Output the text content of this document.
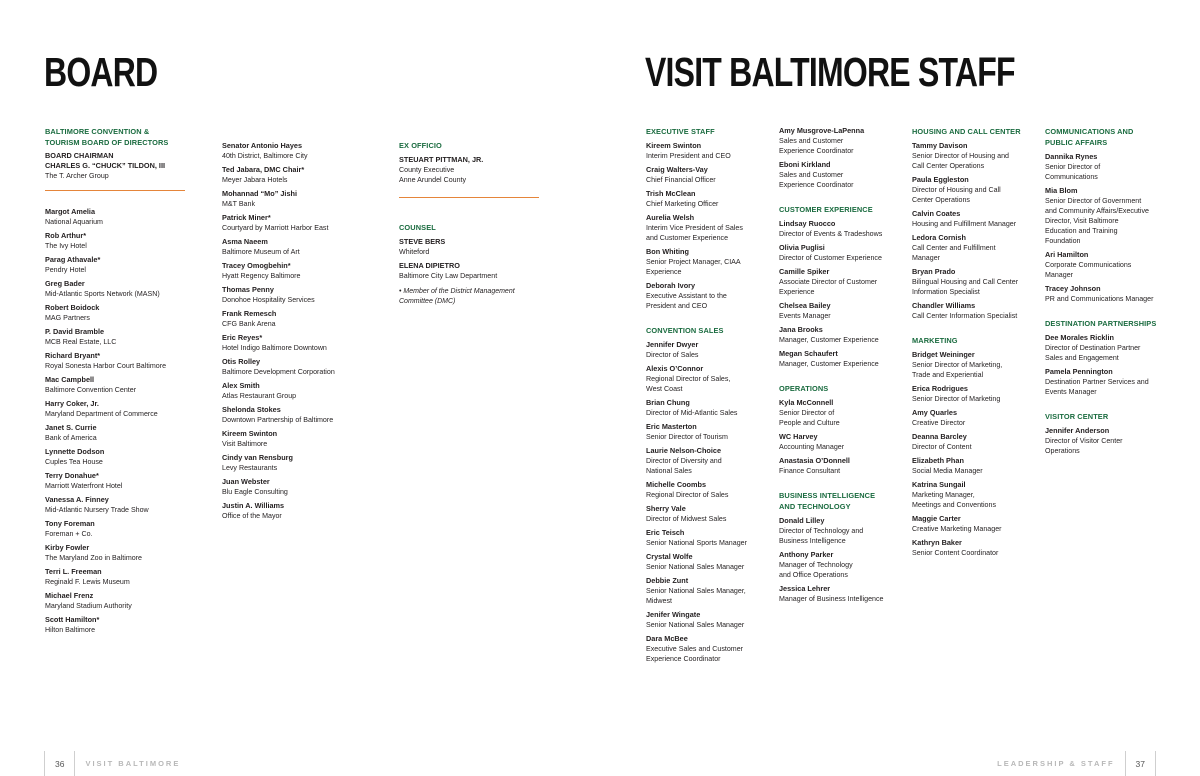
BOARD	VISIT BALTIMORE STAFF
BALTIMORE CONVENTION &
TOURISM BOARD OF DIRECTORS
BOARD CHAIRMAN
CHARLES G. “CHUCK” TILDON, III
The T. Archer Group
Margot Amelia
National Aquarium
Rob Arthur*
The Ivy Hotel
Parag Athavale*
Pendry Hotel
Greg Bader
Mid-Atlantic Sports Network (MASN)
Robert Boidock
MAG Partners
P. David Bramble
MCB Real Estate, LLC
Richard Bryant*
Royal Sonesta Harbor Court Baltimore
Mac Campbell
Baltimore Convention Center
Harry Coker, Jr.
Maryland Department of Commerce
Janet S. Currie
Bank of America
Lynnette Dodson
Cuples Tea House
Terry Donahue*
Marriott Waterfront Hotel
Vanessa A. Finney
Mid-Atlantic Nursery Trade Show
Tony Foreman
Foreman + Co.
Kirby Fowler
The Maryland Zoo in Baltimore
Terri L. Freeman
Reginald F. Lewis Museum
Michael Frenz
Maryland Stadium Authority
Scott Hamilton*
Hilton Baltimore
Senator Antonio Hayes
40th District, Baltimore City
Ted Jabara, DMC Chair*
Meyer Jabara Hotels
Mohannad “Mo” Jishi
M&T Bank
Patrick Miner*
Courtyard by Marriott Harbor East
Asma Naeem
Baltimore Museum of Art
Tracey Omogbehin*
Hyatt Regency Baltimore
Thomas Penny
Donohoe Hospitality Services
Frank Remesch
CFG Bank Arena
Eric Reyes*
Hotel Indigo Baltimore Downtown
Otis Rolley
Baltimore Development Corporation
Alex Smith
Atlas Restaurant Group
Shelonda Stokes
Downtown Partnership of Baltimore
Kireem Swinton
Visit Baltimore
Cindy van Rensburg
Levy Restaurants
Juan Webster
Blu Eagle Consulting
Justin A. Williams
Office of the Mayor
EX OFFICIO
STEUART PITTMAN, JR.
County Executive
Anne Arundel County
COUNSEL
STEVE BERS
Whiteford
ELENA DIPIETRO
Baltimore City Law Department
• Member of the District Management
Committee (DMC)
EXECUTIVE STAFF
Kireem Swinton
Interim President and CEO
Craig Walters-Vay
Chief Financial Officer
Trish McClean
Chief Marketing Officer
Aurelia Welsh
Interim Vice President of Sales
and Customer Experience
Bon Whiting
Senior Project Manager, CIAA
Experience
Deborah Ivory
Executive Assistant to the
President and CEO
CONVENTION SALES
Jennifer Dwyer
Director of Sales
Alexis O’Connor
Regional Director of Sales,
West Coast
Brian Chung
Director of Mid-Atlantic Sales
Eric Masterton
Senior Director of Tourism
Laurie Nelson-Choice
Director of Diversity and
National Sales
Michelle Coombs
Regional Director of Sales
Sherry Vale
Director of Midwest Sales
Eric Teisch
Senior National Sports Manager
Crystal Wolfe
Senior National Sales Manager
Debbie Zunt
Senior National Sales Manager,
Midwest
Jenifer Wingate
Senior National Sales Manager
Dara McBee
Executive Sales and Customer
Experience Coordinator
Amy Musgrove-LaPenna
Sales and Customer
Experience Coordinator
Eboni Kirkland
Sales and Customer
Experience Coordinator
CUSTOMER EXPERIENCE
Lindsay Ruocco
Director of Events & Tradeshows
Olivia Puglisi
Director of Customer Experience
Camille Spiker
Associate Director of Customer
Experience
Chelsea Bailey
Events Manager
Jana Brooks
Manager, Customer Experience
Megan Schaufert
Manager, Customer Experience
OPERATIONS
Kyla McConnell
Senior Director of
People and Culture
WC Harvey
Accounting Manager
Anastasia O’Donnell
Finance Consultant
BUSINESS INTELLIGENCE
AND TECHNOLOGY
Donald Lilley
Director of Technology and
Business Intelligence
Anthony Parker
Manager of Technology
and Office Operations
Jessica Lehrer
Manager of Business Intelligence
HOUSING AND CALL CENTER
Tammy Davison
Senior Director of Housing and
Call Center Operations
Paula Eggleston
Director of Housing and Call
Center Operations
Calvin Coates
Housing and Fulfillment Manager
Ledora Cornish
Call Center and Fulfillment
Manager
Bryan Prado
Bilingual Housing and Call Center
Information Specialist
Chandler Williams
Call Center Information Specialist
MARKETING
Bridget Weininger
Senior Director of Marketing,
Trade and Experiential
Erica Rodrigues
Senior Director of Marketing
Amy Quarles
Creative Director
Deanna Barcley
Director of Content
Elizabeth Phan
Social Media Manager
Katrina Sungail
Marketing Manager,
Meetings and Conventions
Maggie Carter
Creative Marketing Manager
Kathryn Baker
Senior Content Coordinator
COMMUNICATIONS AND
PUBLIC AFFAIRS
Dannika Rynes
Senior Director of
Communications
Mia Blom
Senior Director of Government
and Community Affairs/Executive
Director, Visit Baltimore
Education and Training
Foundation
Ari Hamilton
Corporate Communications
Manager
Tracey Johnson
PR and Communications Manager
DESTINATION PARTNERSHIPS
Dee Morales Ricklin
Director of Destination Partner
Sales and Engagement
Pamela Pennington
Destination Partner Services and
Events Manager
VISITOR CENTER
Jennifer Anderson
Director of Visitor Center
Operations
36	VISIT BALTIMORE	LEADERSHIP & STAFF	37
